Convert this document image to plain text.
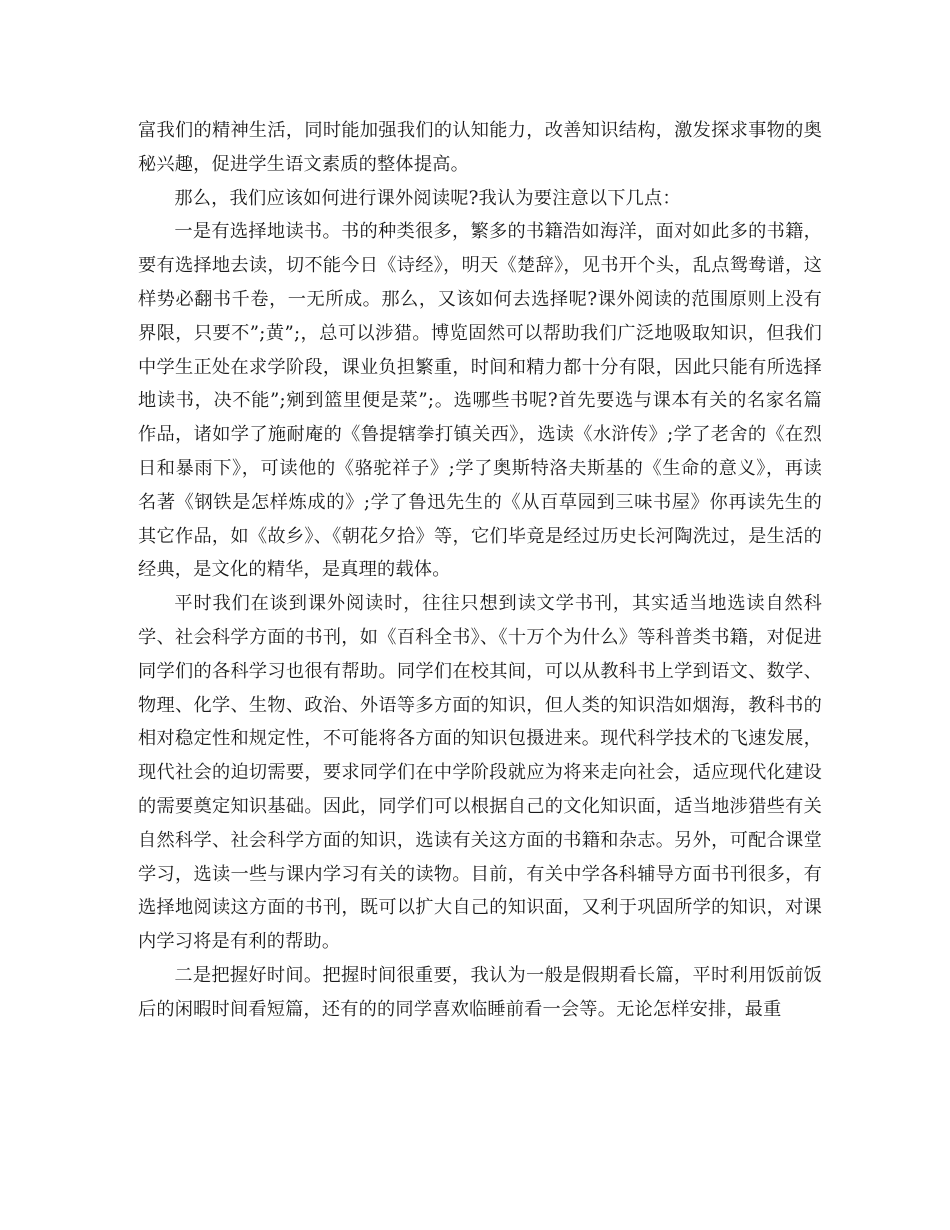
富我们的精神生活，同时能加强我们的认知能力，改善知识结构，激发探求事物的奥秘兴趣，促进学生语文素质的整体提高。

那么，我们应该如何进行课外阅读呢?我认为要注意以下几点：

一是有选择地读书。书的种类很多，繁多的书籍浩如海洋，面对如此多的书籍，要有选择地去读，切不能今日《诗经》，明天《楚辞》，见书开个头，乱点鸳鸯谱，这样势必翻书千卷，一无所成。那么，又该如何去选择呢?课外阅读的范围原则上没有界限，只要不”;黄”;，总可以涉猎。博览固然可以帮助我们广泛地吸取知识，但我们中学生正处在求学阶段，课业负担繁重，时间和精力都十分有限，因此只能有所选择地读书，决不能”;剜到篮里便是菜”;。选哪些书呢?首先要选与课本有关的名家名篇作品，诸如学了施耐庵的《鲁提辖拳打镇关西》，选读《水浒传》;学了老舍的《在烈日和暴雨下》，可读他的《骆驼祥子》;学了奥斯特洛夫斯基的《生命的意义》，再读名著《钢铁是怎样炼成的》;学了鲁迅先生的《从百草园到三味书屋》你再读先生的其它作品，如《故乡》、《朝花夕拾》等，它们毕竟是经过历史长河陶洗过，是生活的经典，是文化的精华，是真理的载体。

平时我们在谈到课外阅读时，往往只想到读文学书刊，其实适当地选读自然科学、社会科学方面的书刊，如《百科全书》、《十万个为什么》等科普类书籍，对促进同学们的各科学习也很有帮助。同学们在校其间，可以从教科书上学到语文、数学、物理、化学、生物、政治、外语等多方面的知识，但人类的知识浩如烟海，教科书的相对稳定性和规定性，不可能将各方面的知识包摄进来。现代科学技术的飞速发展，现代社会的迫切需要，要求同学们在中学阶段就应为将来走向社会，适应现代化建设的需要奠定知识基础。因此，同学们可以根据自己的文化知识面，适当地涉猎些有关自然科学、社会科学方面的知识，选读有关这方面的书籍和杂志。另外，可配合课堂学习，选读一些与课内学习有关的读物。目前，有关中学各科辅导方面书刊很多，有选择地阅读这方面的书刊，既可以扩大自己的知识面，又利于巩固所学的知识，对课内学习将是有利的帮助。

二是把握好时间。把握时间很重要，我认为一般是假期看长篇，平时利用饭前饭后的闲暇时间看短篇，还有的的同学喜欢临睡前看一会等。无论怎样安排，最重
